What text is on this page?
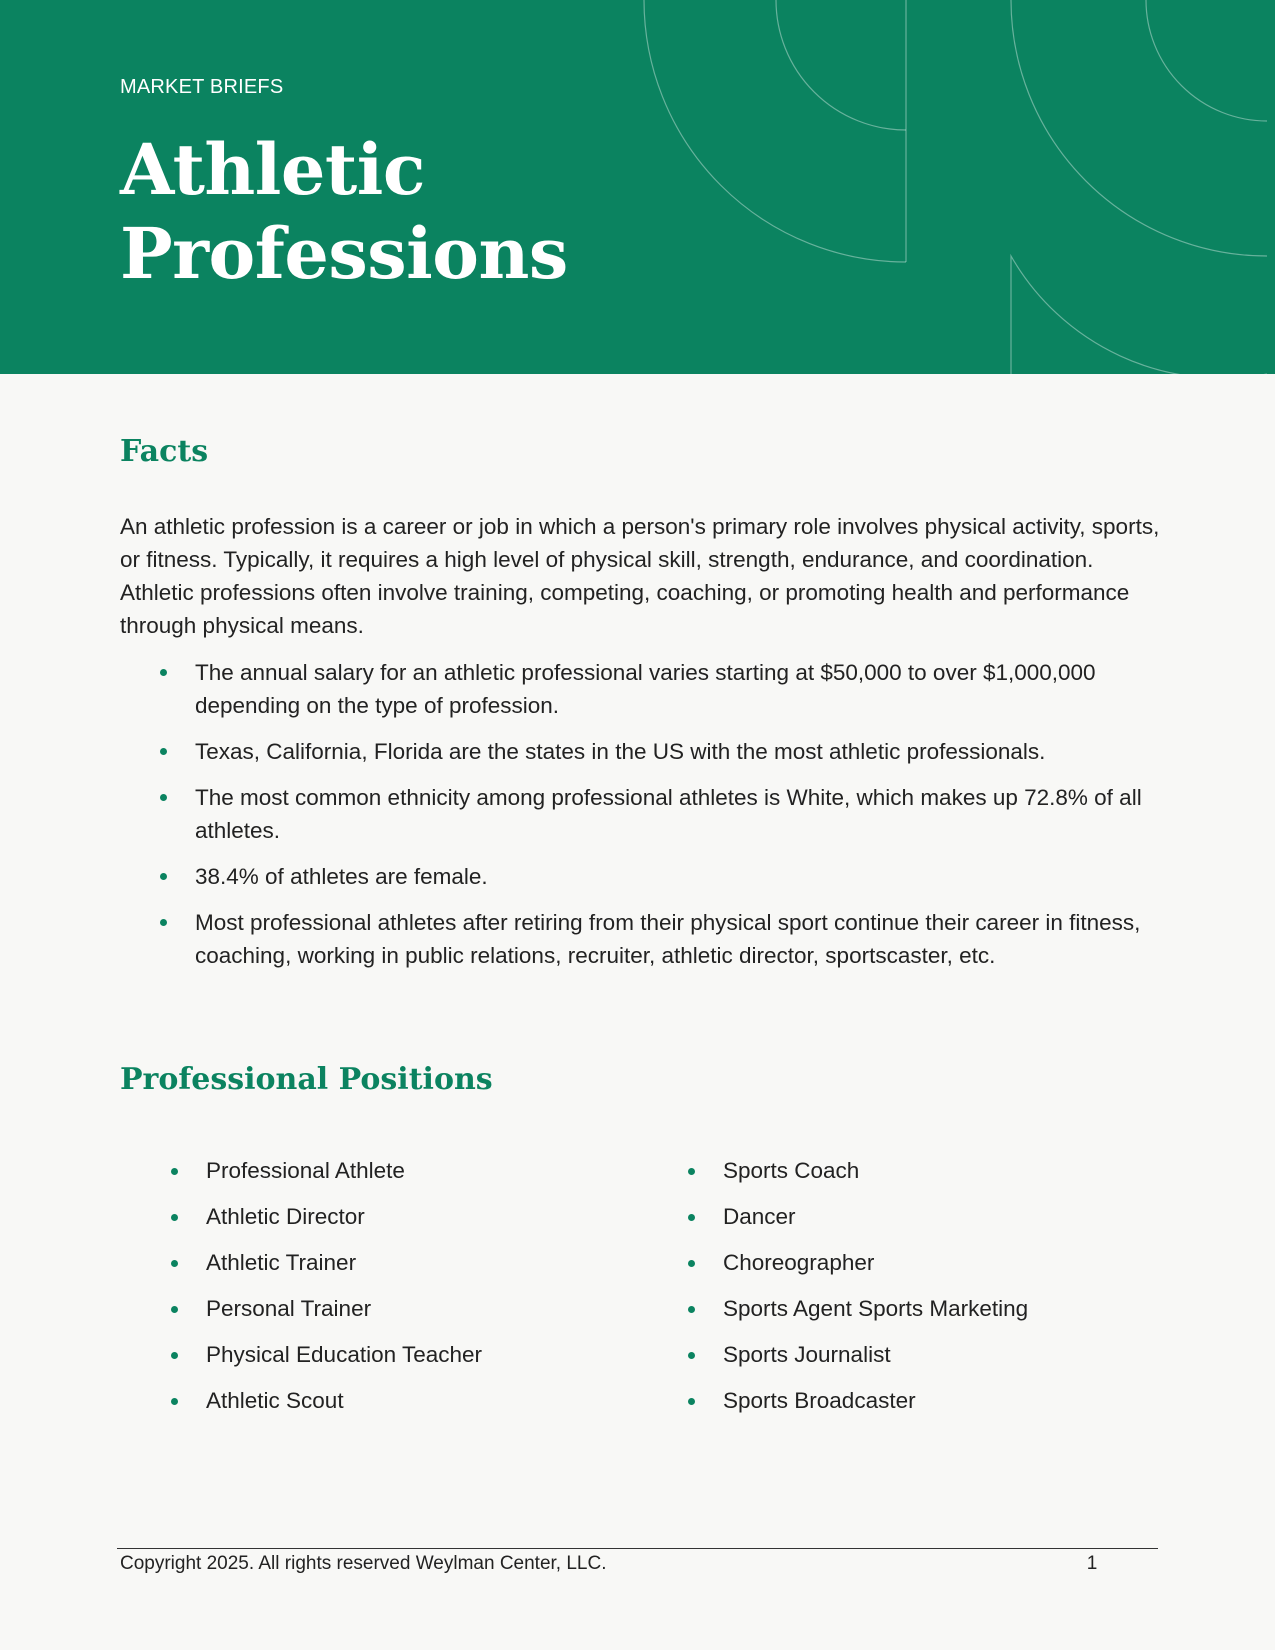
MARKET BRIEFS
Athletic
Professions
Facts

An athletic profession is a career or job in which a person's primary role involves physical activity, sports, or fitness. Typically, it requires a high level of physical skill, strength, endurance, and coordination. Athletic professions often involve training, competing, coaching, or promoting health and performance through physical means.

The annual salary for an athletic professional varies starting at $50,000 to over $1,000,000 depending on the type of profession.
Texas, California, Florida are the states in the US with the most athletic professionals.
The most common ethnicity among professional athletes is White, which makes up 72.8% of all athletes.
38.4% of athletes are female.
Most professional athletes after retiring from their physical sport continue their career in fitness, coaching, working in public relations, recruiter, athletic director, sportscaster, etc.
Professional Positions
Professional Athlete
Athletic Director
Athletic Trainer
Personal Trainer
Physical Education Teacher
Athletic Scout
Sports Coach
Dancer
Choreographer
Sports Agent Sports Marketing
Sports Journalist
Sports Broadcaster
Copyright 2025. All rights reserved Weylman Center, LLC.	1
